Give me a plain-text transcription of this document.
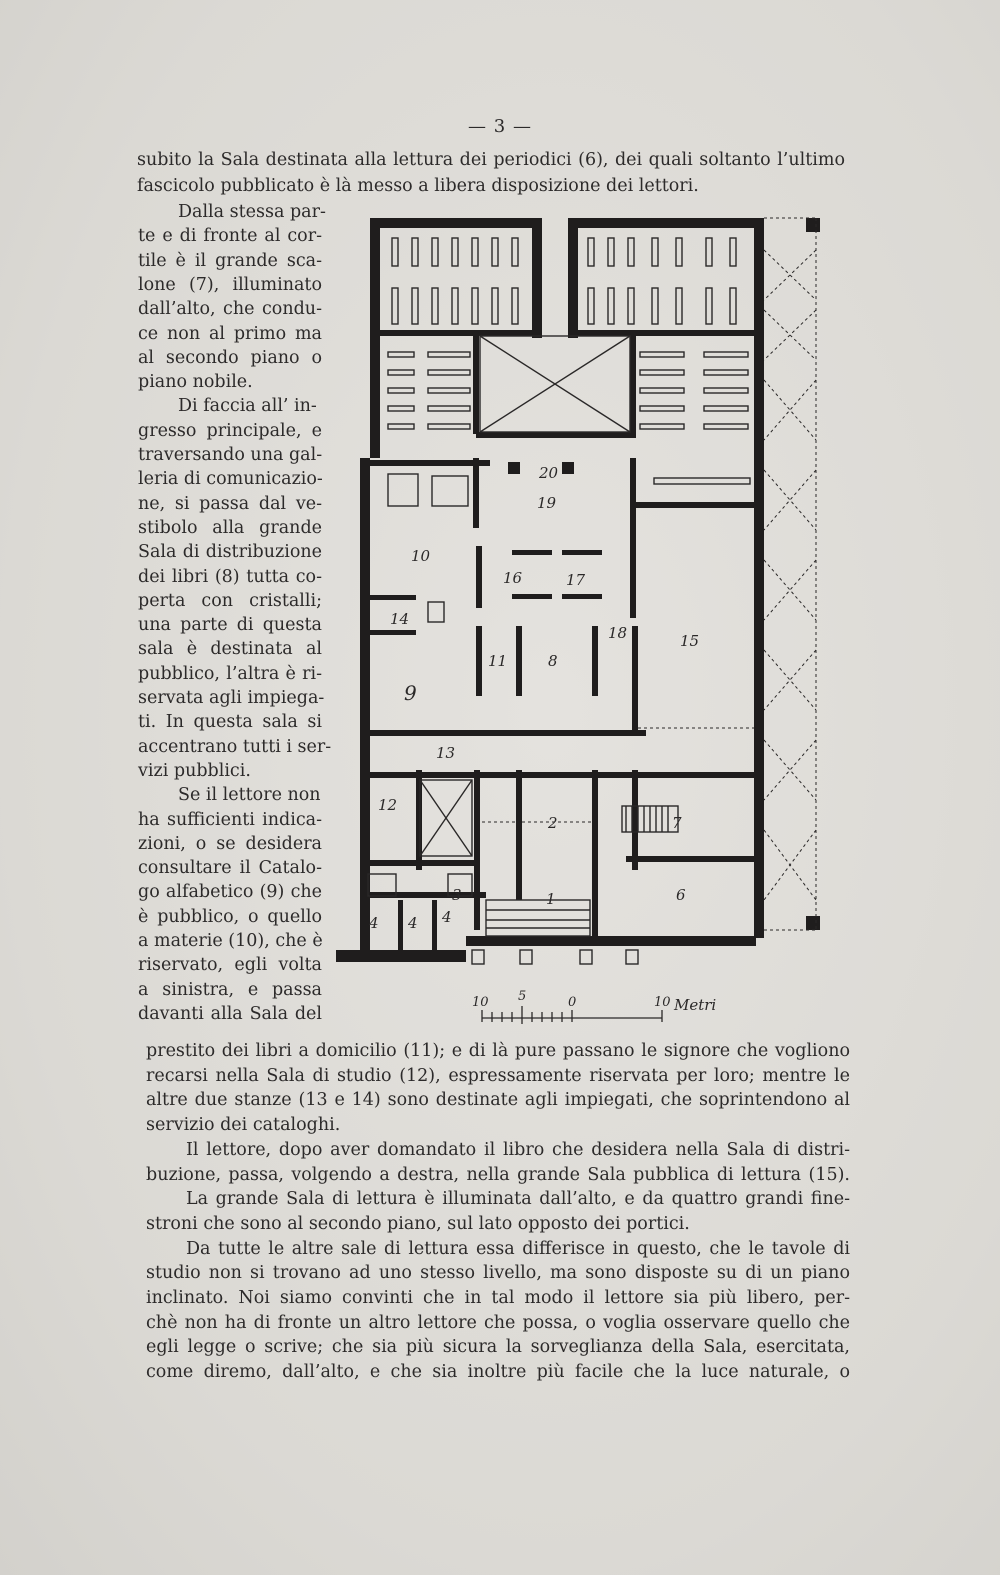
— 3 —
subito la Sala destinata alla lettura dei periodici (6), dei quali soltanto l’ultimo
fascicolo pubblicato è là messo a libera disposizione dei lettori.
Dalla stessa par-
te e di fronte al cor-
tile è il grande sca-
lone (7), illuminato
dall’alto, che condu-
ce non al primo ma
al secondo piano o
piano nobile.
Di faccia all’ in-
gresso principale, e
traversando una gal-
leria di comunicazio-
ne, si passa dal ve-
stibolo alla grande
Sala di distribuzione
dei libri (8) tutta co-
perta con cristalli;
una parte di questa
sala è destinata al
pubblico, l’altra è ri-
servata agli impiega-
ti. In questa sala si
accentrano tutti i ser-
vizi pubblici.
Se il lettore non
ha sufficienti indica-
zioni, o se desidera
consultare il Catalo-
go alfabetico (9) che
è pubblico, o quello
a materie (10), che è
riservato, egli volta
a sinistra, e passa
davanti alla Sala del
20
19
10
16	17
14
18	15
11	8
9
13
12
2	7
3	1	6
4 4 4
10 5	0	10 Metri
prestito dei libri a domicilio (11); e di là pure passano le signore che vogliono
recarsi nella Sala di studio (12), espressamente riservata per loro; mentre le
altre due stanze (13 e 14) sono destinate agli impiegati, che soprintendono al
servizio dei cataloghi.
Il lettore, dopo aver domandato il libro che desidera nella Sala di distri-
buzione, passa, volgendo a destra, nella grande Sala pubblica di lettura (15).
La grande Sala di lettura è illuminata dall’alto, e da quattro grandi fine-
stroni che sono al secondo piano, sul lato opposto dei portici.
Da tutte le altre sale di lettura essa differisce in questo, che le tavole di
studio non si trovano ad uno stesso livello, ma sono disposte su di un piano
inclinato. Noi siamo convinti che in tal modo il lettore sia più libero, per-
chè non ha di fronte un altro lettore che possa, o voglia osservare quello che
egli legge o scrive; che sia più sicura la sorveglianza della Sala, esercitata,
come diremo, dall’alto, e che sia inoltre più facile che la luce naturale, o
